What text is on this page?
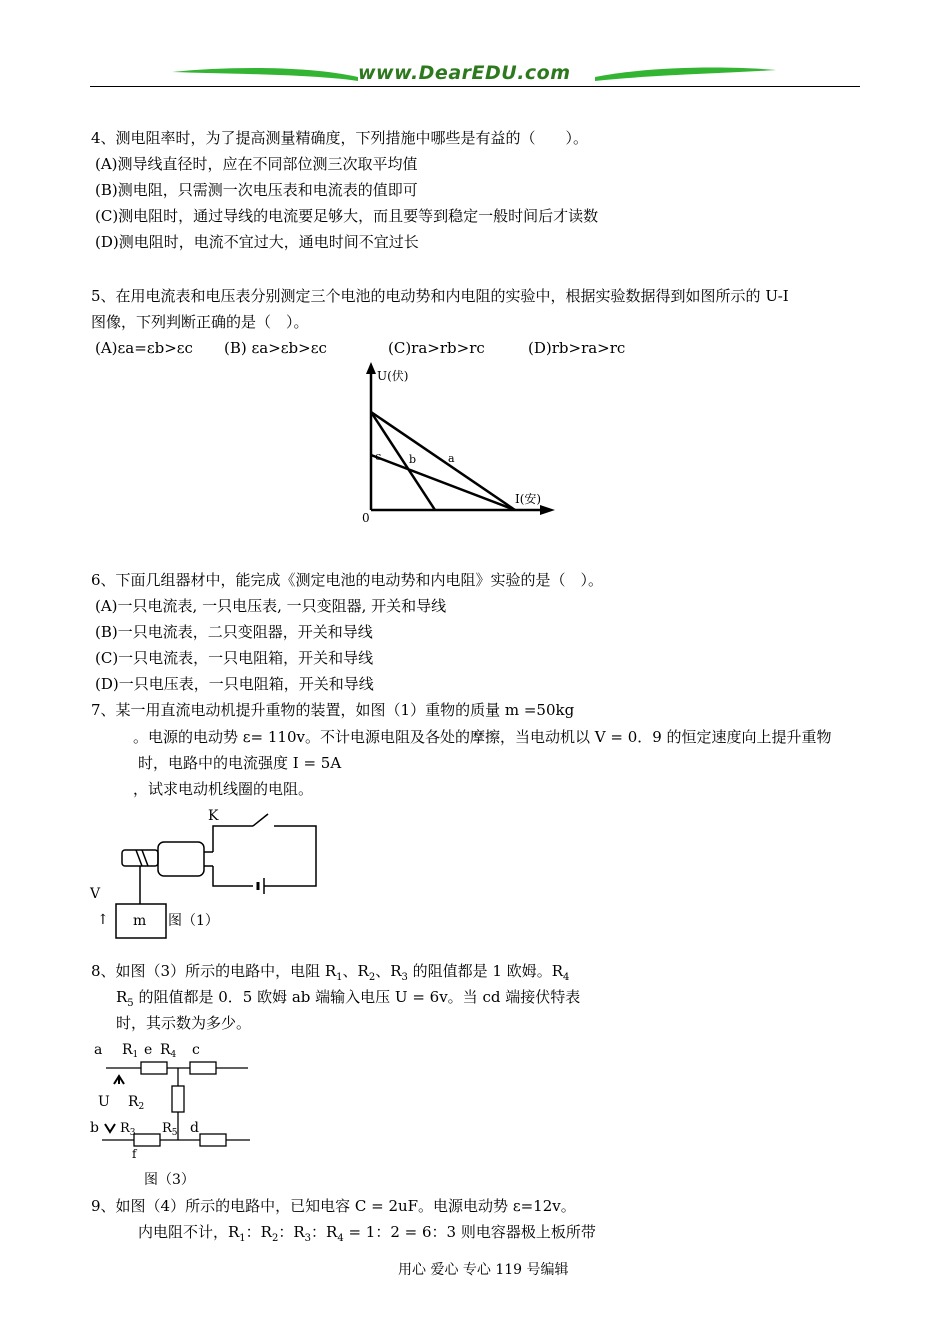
www.DearEDU.com
4、测电阻率时，为了提高测量精确度，下列措施中哪些是有益的（　　）。
(A)测导线直径时，应在不同部位测三次取平均值
(B)测电阻，只需测一次电压表和电流表的值即可
(C)测电阻时，通过导线的电流要足够大，而且要等到稳定一般时间后才读数
(D)测电阻时，电流不宜过大，通电时间不宜过长
5、在用电流表和电压表分别测定三个电池的电动势和内电阻的实验中，根据实验数据得到如图所示的 U-I
图像，下列判断正确的是（　）。
(A)εa=εb>εc (B) εa>εb>εc	(C)ra>rb>rc	(D)rb>ra>rc
U(伏)
I(安)
0
c	b	a
6、下面几组器材中，能完成《测定电池的电动势和内电阻》实验的是（　）。
(A)一只电流表, 一只电压表, 一只变阻器, 开关和导线
(B)一只电流表，二只变阻器，开关和导线
(C)一只电流表，一只电阻箱，开关和导线
(D)一只电压表，一只电阻箱，开关和导线
7、某一用直流电动机提升重物的装置，如图（1）重物的质量 m =50kg
。电源的电动势 ε= 110v。不计电源电阻及各处的摩擦，当电动机以 V = 0．9 的恒定速度向上提升重物
时，电路中的电流强度 I = 5A
，试求电动机线圈的电阻。
K
V
↑ m 图（1）
8、如图（3）所示的电路中，电阻 $R_1$、$R_2$、$R_3$ 的阻值都是 1 欧姆。$R_4$
$R_5$ 的阻值都是 0．5 欧姆 ab 端输入电压 U = 6v。当 cd 端接伏特表
时，其示数为多少。
a $R_1$ e $R_4$ c
U $R_2$
b $R_3$ $R_5$ d
f
图（3）
9、如图（4）所示的电路中，已知电容 C = 2uF。电源电动势 ε=12v。
内电阻不计，$R_1$：$R_2$：$R_3$：$R_4 = 1$：2 = 6：3 则电容器极上板所带
用心 爱心 专心 119 号编辑
